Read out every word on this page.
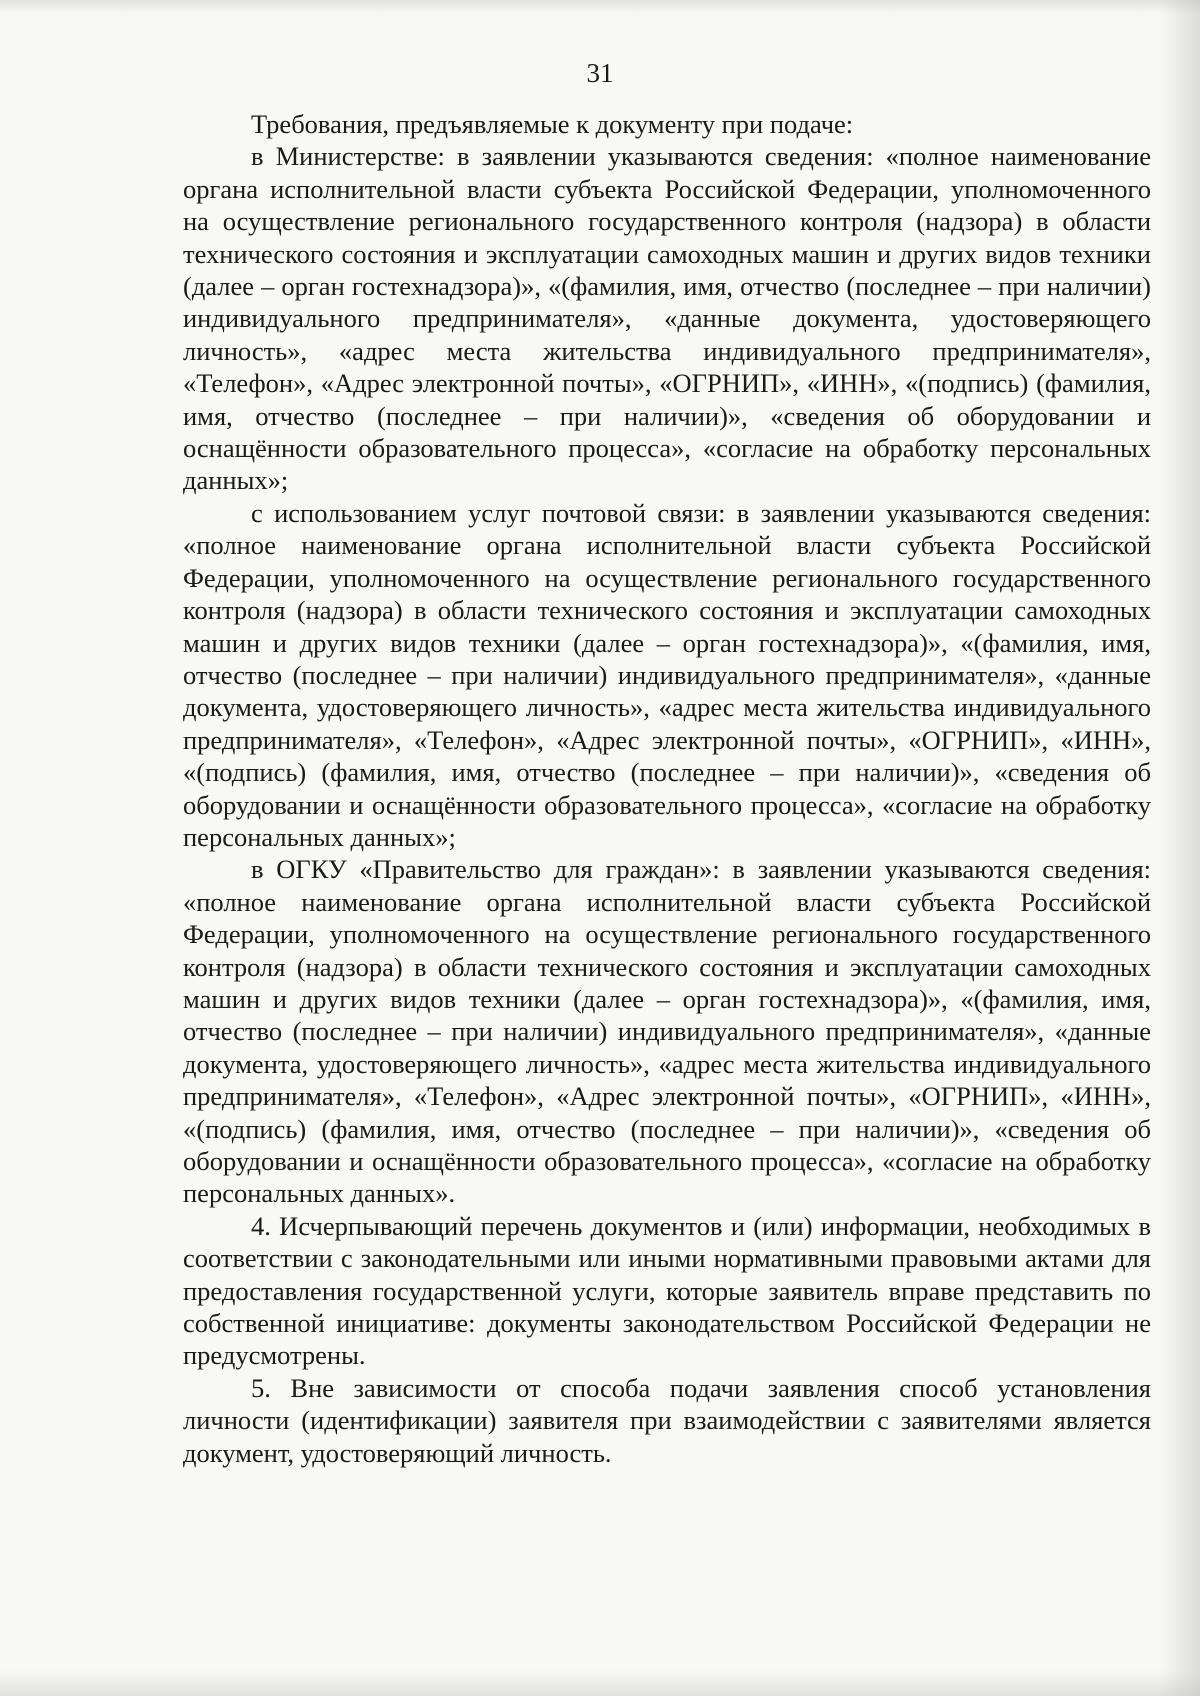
31

Требования, предъявляемые к документу при подаче:

в Министерстве: в заявлении указываются сведения: «полное наименование органа исполнительной власти субъекта Российской Федерации, уполномоченного на осуществление регионального государственного контроля (надзора) в области технического состояния и эксплуатации самоходных машин и других видов техники (далее – орган гостехнадзора)», «(фамилия, имя, отчество (последнее – при наличии) индивидуального предпринимателя», «данные документа, удостоверяющего личность», «адрес места жительства индивидуального предпринимателя», «Телефон», «Адрес электронной почты», «ОГРНИП», «ИНН», «(подпись) (фамилия, имя, отчество (последнее – при наличии)», «сведения об оборудовании и оснащённости образовательного процесса», «согласие на обработку персональных данных»;

с использованием услуг почтовой связи: в заявлении указываются сведения: «полное наименование органа исполнительной власти субъекта Российской Федерации, уполномоченного на осуществление регионального государственного контроля (надзора) в области технического состояния и эксплуатации самоходных машин и других видов техники (далее – орган гостехнадзора)», «(фамилия, имя, отчество (последнее – при наличии) индивидуального предпринимателя», «данные документа, удостоверяющего личность», «адрес места жительства индивидуального предпринимателя», «Телефон», «Адрес электронной почты», «ОГРНИП», «ИНН», «(подпись) (фамилия, имя, отчество (последнее – при наличии)», «сведения об оборудовании и оснащённости образовательного процесса», «согласие на обработку персональных данных»;

в ОГКУ «Правительство для граждан»: в заявлении указываются сведения: «полное наименование органа исполнительной власти субъекта Российской Федерации, уполномоченного на осуществление регионального государственного контроля (надзора) в области технического состояния и эксплуатации самоходных машин и других видов техники (далее – орган гостехнадзора)», «(фамилия, имя, отчество (последнее – при наличии) индивидуального предпринимателя», «данные документа, удостоверяющего личность», «адрес места жительства индивидуального предпринимателя», «Телефон», «Адрес электронной почты», «ОГРНИП», «ИНН», «(подпись) (фамилия, имя, отчество (последнее – при наличии)», «сведения об оборудовании и оснащённости образовательного процесса», «согласие на обработку персональных данных».

4. Исчерпывающий перечень документов и (или) информации, необходимых в соответствии с законодательными или иными нормативными правовыми актами для предоставления государственной услуги, которые заявитель вправе представить по собственной инициативе: документы законодательством Российской Федерации не предусмотрены.

5. Вне зависимости от способа подачи заявления способ установления личности (идентификации) заявителя при взаимодействии с заявителями является документ, удостоверяющий личность.
